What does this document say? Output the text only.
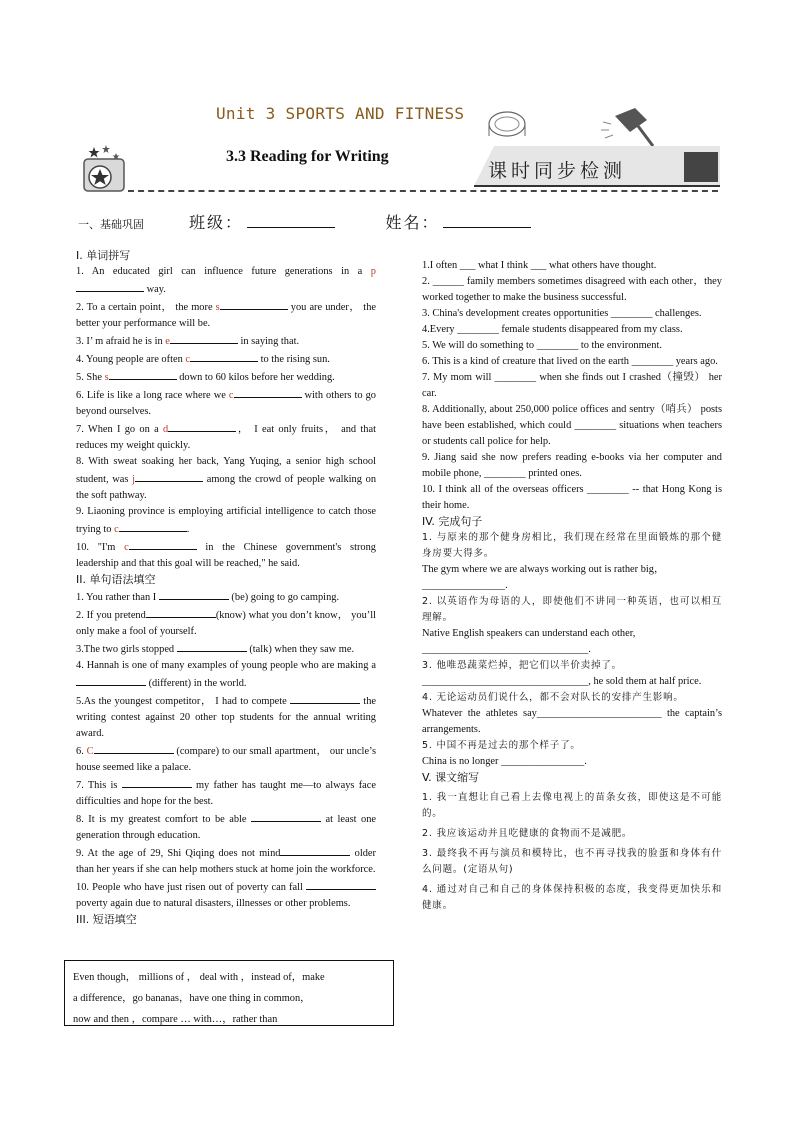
Unit 3 SPORTS AND FITNESS
3.3 Reading for Writing
课时同步检测
一、基础巩固	班级：	姓名：

I. 单词拼写

1. An educated girl can influence future generations in a p way.

2. To a certain point， the more s	you are under， the better your performance will be.

3. I’ m afraid he is in e	in saying that.

4. Young people are often c	to the rising sun.

5. She s	down to 60 kilos before her wedding.

6. Life is like a long race where we c	with others to go beyond ourselves.

7. When I go on a d	， I eat only fruits， and that reduces my weight quickly.

8. With sweat soaking her back, Yang Yuqing, a senior high school student, was j	among the crowd of people walking on the soft pathway.

9. Liaoning province is employing artificial intelligence to catch those trying to c	.

10. "I'm c	in the Chinese government's strong leadership and that this goal will be reached," he said.

II. 单句语法填空

1. You rather than I	(be) going to go camping.

2. If you pretend	(know) what you don’t know， you’ll only make a fool of yourself.

3.The two girls stopped	(talk) when they saw me.

4. Hannah is one of many examples of young people who are making a  (different) in the world.

5.As the youngest competitor， I had to compete	the writing contest against 20 other top students for the annual writing award.

6. C	(compare) to our small apartment， our uncle’s house seemed like a palace.

7. This is	my father has taught me—to always face difficulties and hope for the best.

8. It is my greatest comfort to be able	at least one generation through education.

9. At the age of 29, Shi Qiqing does not mind	older than her years if she can help mothers stuck at home join the workforce.

10. People who have just risen out of poverty can fall  poverty again due to natural disasters, illnesses or other problems.

III. 短语填空

Even though， millions of ， deal with ，instead of，make
a difference，go bananas，have one thing in common，
now and then ，compare … with…，rather than

1.I often ___ what I think ___ what others have thought.

2. ______ family members sometimes disagreed with each other，they worked together to make the business successful.

3. China's development creates opportunities ________ challenges.

4.Every ________ female students disappeared from my class.

5. We will do something to ________ to the environment.

6. This is a kind of creature that lived on the earth ________ years ago.

7. My mom will ________ when she finds out I crashed（撞毁） her car.

8. Additionally, about 250,000 police offices and sentry（哨兵） posts have been established, which could ________ situations when teachers or students call police for help.

9. Jiang said she now prefers reading e-books via her computer and mobile phone, ________ printed ones.

10. I think all of the overseas officers ________ -- that Hong Kong is their home.

IV. 完成句子

1. 与原来的那个健身房相比，我们现在经常在里面锻炼的那个健身房要大得多。

The gym where we are always working out is rather big，

________________.

2. 以英语作为母语的人，即使他们不讲同一种英语，也可以相互理解。

Native English speakers can understand each other,

________________________________.

3. 他唯恐蔬菜烂掉，把它们以半价卖掉了。

________________________________, he sold them at half price.

4. 无论运动员们说什么，都不会对队长的安排产生影响。

Whatever the athletes say________________________ the captain’s arrangements.

5. 中国不再是过去的那个样子了。

China is no longer ________________.

V. 课文缩写

1. 我一直想让自己看上去像电视上的苗条女孩，即使这是不可能的。

2. 我应该运动并且吃健康的食物而不是减肥。

3. 最终我不再与演员和模特比，也不再寻找我的脸蛋和身体有什么问题。(定语从句)

4. 通过对自己和自己的身体保持积极的态度，我变得更加快乐和健康。
